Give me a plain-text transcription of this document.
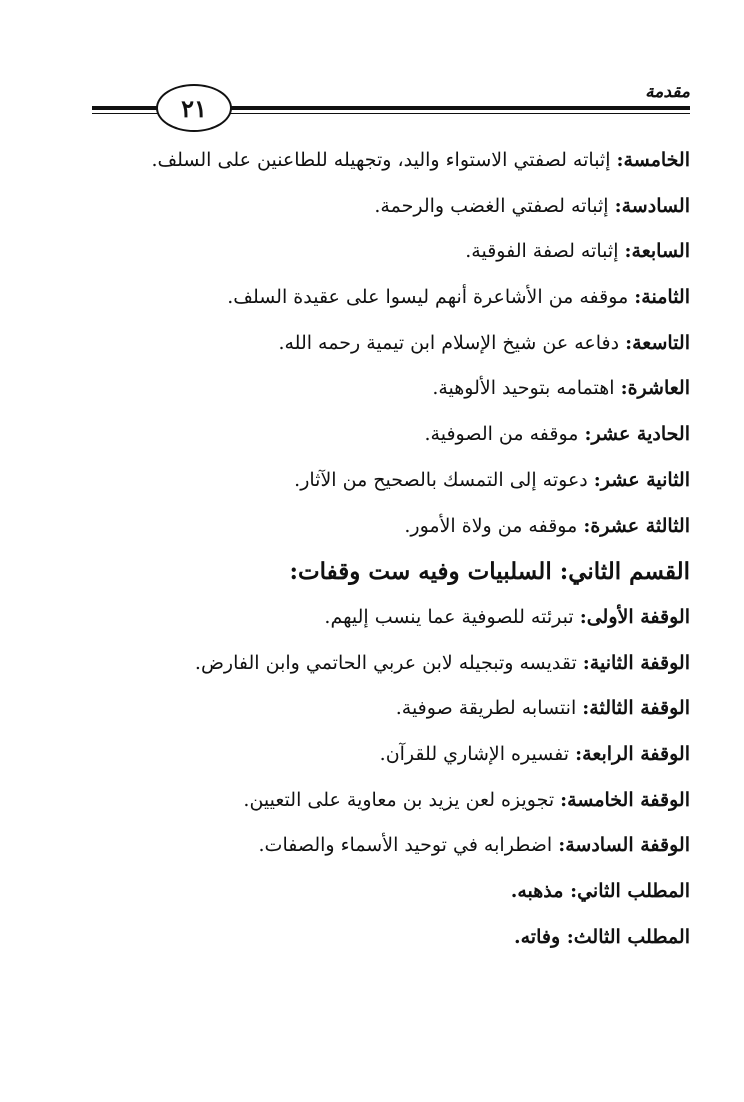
مقدمة
٢١
الخامسة: إثباته لصفتي الاستواء واليد، وتجهيله للطاعنين على السلف.
السادسة: إثباته لصفتي الغضب والرحمة.
السابعة: إثباته لصفة الفوقية.
الثامنة: موقفه من الأشاعرة أنهم ليسوا على عقيدة السلف.
التاسعة: دفاعه عن شيخ الإسلام ابن تيمية رحمه الله.
العاشرة: اهتمامه بتوحيد الألوهية.
الحادية عشر: موقفه من الصوفية.
الثانية عشر: دعوته إلى التمسك بالصحيح من الآثار.
الثالثة عشرة: موقفه من ولاة الأمور.
القسم الثاني: السلبيات وفيه ست وقفات:
الوقفة الأولى: تبرئته للصوفية عما ينسب إليهم.
الوقفة الثانية: تقديسه وتبجيله لابن عربي الحاتمي وابن الفارض.
الوقفة الثالثة: انتسابه لطريقة صوفية.
الوقفة الرابعة: تفسيره الإشاري للقرآن.
الوقفة الخامسة: تجويزه لعن يزيد بن معاوية على التعيين.
الوقفة السادسة: اضطرابه في توحيد الأسماء والصفات.
المطلب الثاني: مذهبه.
المطلب الثالث: وفاته.
